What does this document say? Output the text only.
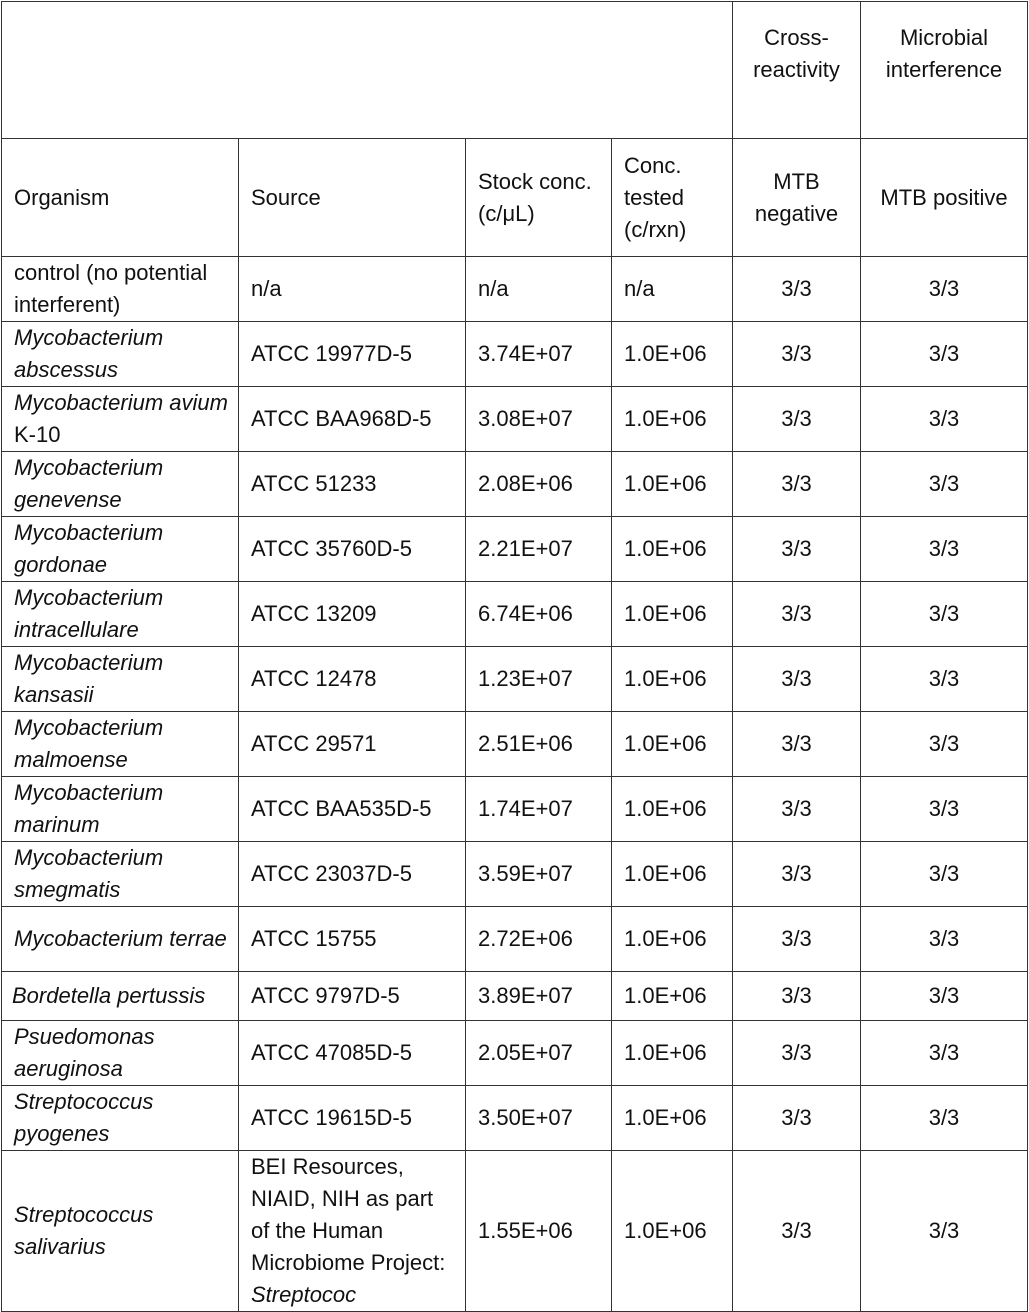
				Cross-reactivity	Microbial interference
Organism	Source	Stock conc. (c/μL)	Conc. tested (c/rxn)	MTB negative	MTB positive
control (no potential interferent)	n/a	n/a	n/a	3/3	3/3
Mycobacterium abscessus	ATCC 19977D-5	3.74E+07	1.0E+06	3/3	3/3
Mycobacterium avium K-10	ATCC BAA968D-5	3.08E+07	1.0E+06	3/3	3/3
Mycobacterium genevense	ATCC 51233	2.08E+06	1.0E+06	3/3	3/3
Mycobacterium gordonae	ATCC 35760D-5	2.21E+07	1.0E+06	3/3	3/3
Mycobacterium intracellulare	ATCC 13209	6.74E+06	1.0E+06	3/3	3/3
Mycobacterium kansasii	ATCC 12478	1.23E+07	1.0E+06	3/3	3/3
Mycobacterium malmoense	ATCC 29571	2.51E+06	1.0E+06	3/3	3/3
Mycobacterium marinum	ATCC BAA535D-5	1.74E+07	1.0E+06	3/3	3/3
Mycobacterium smegmatis	ATCC 23037D-5	3.59E+07	1.0E+06	3/3	3/3
Mycobacterium terrae	ATCC 15755	2.72E+06	1.0E+06	3/3	3/3
Bordetella pertussis	ATCC 9797D-5	3.89E+07	1.0E+06	3/3	3/3
Psuedomonas aeruginosa	ATCC 47085D-5	2.05E+07	1.0E+06	3/3	3/3
Streptococcus pyogenes	ATCC 19615D-5	3.50E+07	1.0E+06	3/3	3/3
Streptococcus salivarius	BEI Resources, NIAID, NIH as part of the Human Microbiome Project: Streptococ	1.55E+06	1.0E+06	3/3	3/3
